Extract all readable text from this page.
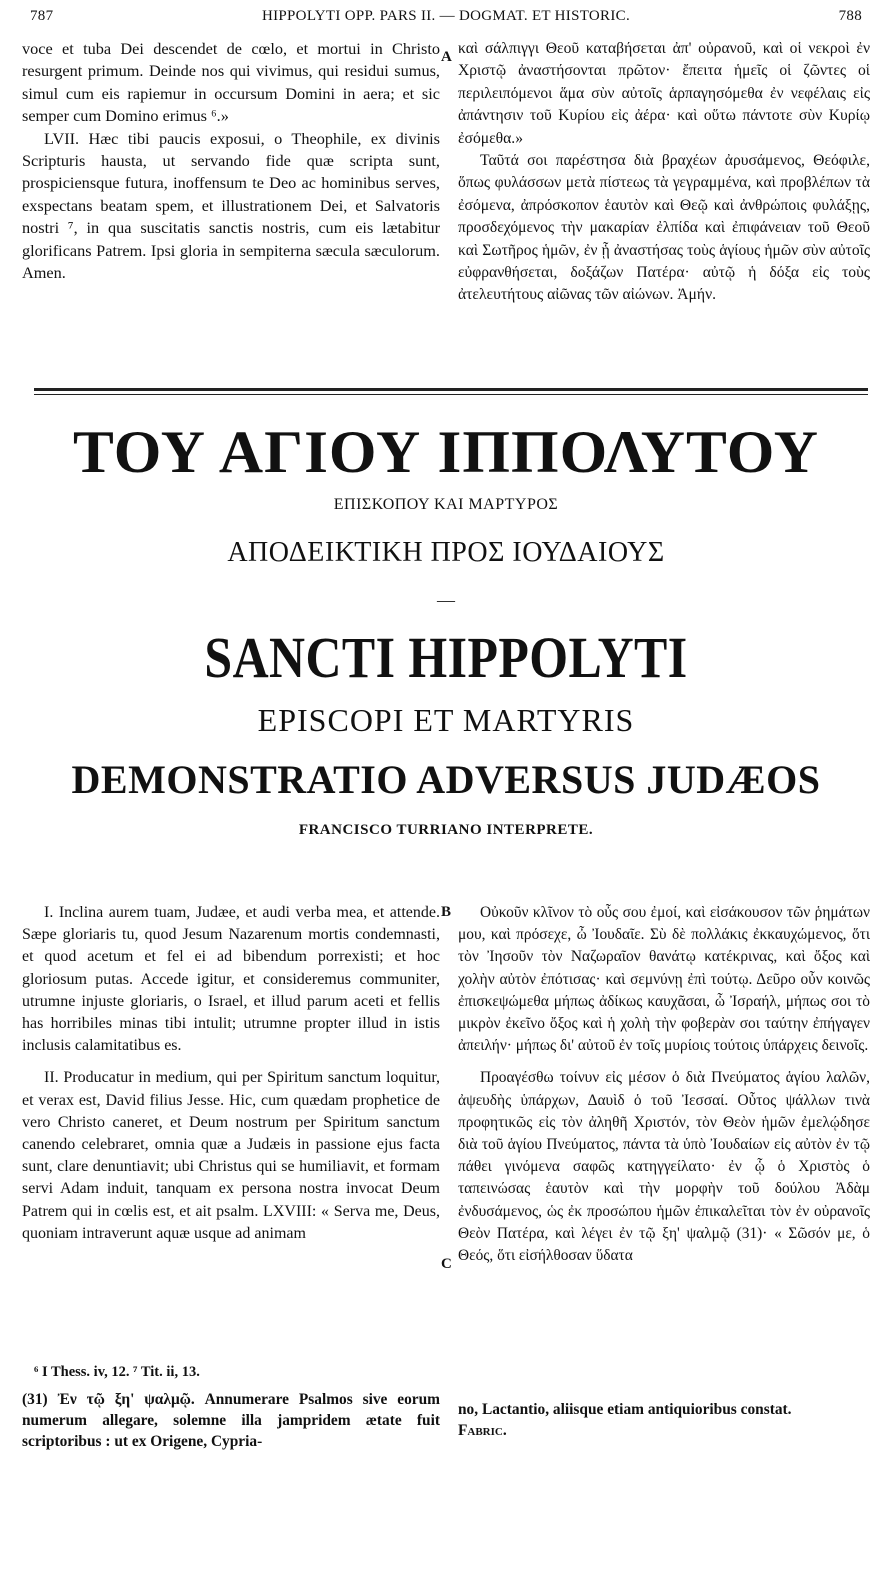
787	HIPPOLYTI OPP. PARS II. — DOGMAT. ET HISTORIC.	788

voce et tuba Dei descendet de cœlo, et mortui in Christo resurgent primum. Deinde nos qui vivimus, qui residui sumus, simul cum eis rapiemur in occursum Domini in aera; et sic semper cum Domino erimus ⁶.»

LVII. Hæc tibi paucis exposui, o Theophile, ex divinis Scripturis hausta, ut servando fide quæ scripta sunt, prospiciensque futura, inoffensum te Deo ac hominibus serves, exspectans beatam spem, et illustrationem Dei, et Salvatoris nostri ⁷, in qua suscitatis sanctis nostris, cum eis lætabitur glorificans Patrem. Ipsi gloria in sempiterna sæcula sæculorum. Amen.

A καὶ σάλπιγγι Θεοῦ καταβήσεται ἀπ' οὐρανοῦ, καὶ οἱ νεκροὶ ἐν Χριστῷ ἀναστήσονται πρῶτον· ἔπειτα ἡμεῖς οἱ ζῶντες οἱ περιλειπόμενοι ἅμα σὺν αὐτοῖς ἁρπαγησόμεθα ἐν νεφέλαις εἰς ἀπάντησιν τοῦ Κυρίου εἰς ἀέρα· καὶ οὕτω πάντοτε σὺν Κυρίῳ ἐσόμεθα.»

Ταῦτά σοι παρέστησα διὰ βραχέων ἀρυσάμενος, Θεόφιλε, ὅπως φυλάσσων μετὰ πίστεως τὰ γεγραμμένα, καὶ προβλέπων τὰ ἐσόμενα, ἀπρόσκοπον ἑαυτὸν καὶ Θεῷ καὶ ἀνθρώποις φυλάξῃς, προσδεχόμενος τὴν μακαρίαν ἐλπίδα καὶ ἐπιφάνειαν τοῦ Θεοῦ καὶ Σωτῆρος ἡμῶν, ἐν ᾗ ἀναστήσας τοὺς ἁγίους ἡμῶν σὺν αὐτοῖς εὐφρανθήσεται, δοξάζων Πατέρα· αὐτῷ ἡ δόξα εἰς τοὺς ἀτελευτήτους αἰῶνας τῶν αἰώνων. Ἀμήν.

ΤΟΥ ΑΓΙΟΥ ΙΠΠΟΛΥΤΟΥ
ΕΠΙΣΚΟΠΟΥ ΚΑΙ ΜΑΡΤΥΡΟΣ
ΑΠΟΔΕΙΚΤΙΚΗ ΠΡΟΣ ΙΟΥΔΑΙΟΥΣ
—
SANCTI HIPPOLYTI
EPISCOPI ET MARTYRIS
DEMONSTRATIO ADVERSUS JUDÆOS
FRANCISCO TURRIANO INTERPRETE.

I. Inclina aurem tuam, Judæe, et audi verba mea, et attende. Sæpe gloriaris tu, quod Jesum Nazarenum mortis condemnasti, et quod acetum et fel ei ad bibendum porrexisti; et hoc gloriosum putas. Accede igitur, et consideremus communiter, utrumne injuste gloriaris, o Israel, et illud parum aceti et fellis has horribiles minas tibi intulit; utrumne propter illud in istis inclusis calamitatibus es.

II. Producatur in medium, qui per Spiritum sanctum loquitur, et verax est, David filius Jesse. Hic, cum quædam prophetice de vero Christo caneret, et Deum nostrum per Spiritum sanctum canendo celebraret, omnia quæ a Judæis in passione ejus facta sunt, clare denuntiavit; ubi Christus qui se humiliavit, et formam servi Adam induit, tanquam ex persona nostra invocat Deum Patrem qui in cœlis est, et ait psalm. LXVIII: « Serva me, Deus, quoniam intraverunt aquæ usque ad animam

B
C

Οὐκοῦν κλῖνον τὸ οὖς σου ἐμοί, καὶ εἰσάκουσον τῶν ῥημάτων μου, καὶ πρόσεχε, ὦ Ἰουδαῖε. Σὺ δὲ πολλάκις ἐκκαυχώμενος, ὅτι τὸν Ἰησοῦν τὸν Ναζωραῖον θανάτῳ κατέκρινας, καὶ ὄξος καὶ χολὴν αὐτὸν ἐπότισας· καὶ σεμνύνῃ ἐπὶ τούτῳ. Δεῦρο οὖν κοινῶς ἐπισκεψώμεθα μήπως ἀδίκως καυχᾶσαι, ὦ Ἰσραήλ, μήπως σοι τὸ μικρὸν ἐκεῖνο ὄξος καὶ ἡ χολὴ τὴν φοβερὰν σοι ταύτην ἐπήγαγεν ἀπειλήν· μήπως δι' αὐτοῦ ἐν τοῖς μυρίοις τούτοις ὑπάρχεις δεινοῖς.

Προαγέσθω τοίνυν εἰς μέσον ὁ διὰ Πνεύματος ἁγίου λαλῶν, ἀψευδὴς ὑπάρχων, Δαυὶδ ὁ τοῦ Ἰεσσαί. Οὗτος ψάλλων τινὰ προφητικῶς εἰς τὸν ἀληθῆ Χριστόν, τὸν Θεὸν ἡμῶν ἐμελῴδησε διὰ τοῦ ἁγίου Πνεύματος, πάντα τὰ ὑπὸ Ἰουδαίων εἰς αὐτὸν ἐν τῷ πάθει γινόμενα σαφῶς κατηγγείλατο· ἐν ᾧ ὁ Χριστὸς ὁ ταπεινώσας ἑαυτὸν καὶ τὴν μορφὴν τοῦ δούλου Ἀδὰμ ἐνδυσάμενος, ὡς ἐκ προσώπου ἡμῶν ἐπικαλεῖται τὸν ἐν οὐρανοῖς Θεὸν Πατέρα, καὶ λέγει ἐν τῷ ξη' ψαλμῷ (31)· « Σῶσόν με, ὁ Θεός, ὅτι εἰσήλθοσαν ὕδατα

⁶ I Thess. iv, 12. ⁷ Tit. ii, 13.
(31) Ἐν τῷ ξη' ψαλμῷ. Annumerare Psalmos sive eorum numerum allegare, solemne illa jampridem ætate fuit scriptoribus : ut ex Origene, Cypria-
no, Lactantio, aliisque etiam antiquioribus constat.
Fabric.
